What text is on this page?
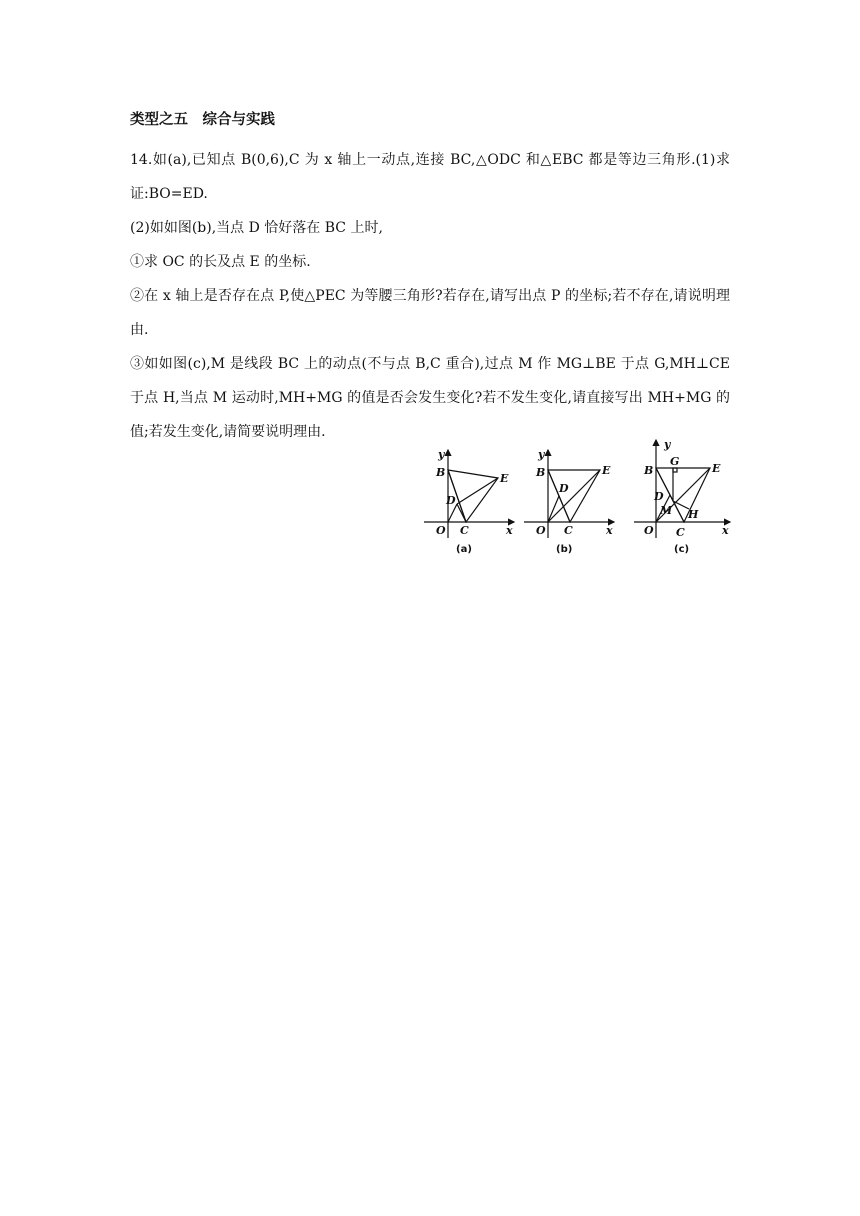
类型之五　综合与实践

14.如(a),已知点 B(0,6),C 为 x 轴上一动点,连接 BC,△ODC 和△EBC 都是等边三角形.(1)求证:BO=ED.

(2)如如图(b),当点 D 恰好落在 BC 上时,

①求 OC 的长及点 E 的坐标.

②在 x 轴上是否存在点 P,使△PEC 为等腰三角形?若存在,请写出点 P 的坐标;若不存在,请说明理由.

③如如图(c),M 是线段 BC 上的动点(不与点 B,C 重合),过点 M 作 MG⊥BE 于点 G,MH⊥CE 于点 H,当点 M 运动时,MH+MG 的值是否会发生变化?若不发生变化,请直接写出 MH+MG 的值;若发生变化,请简要说明理由.

y
x
O
B
C
D
E
(a)
y
x
O
B
C
D
E
(b)
y
x
O
B
C
D
E
G
M H
(c)
